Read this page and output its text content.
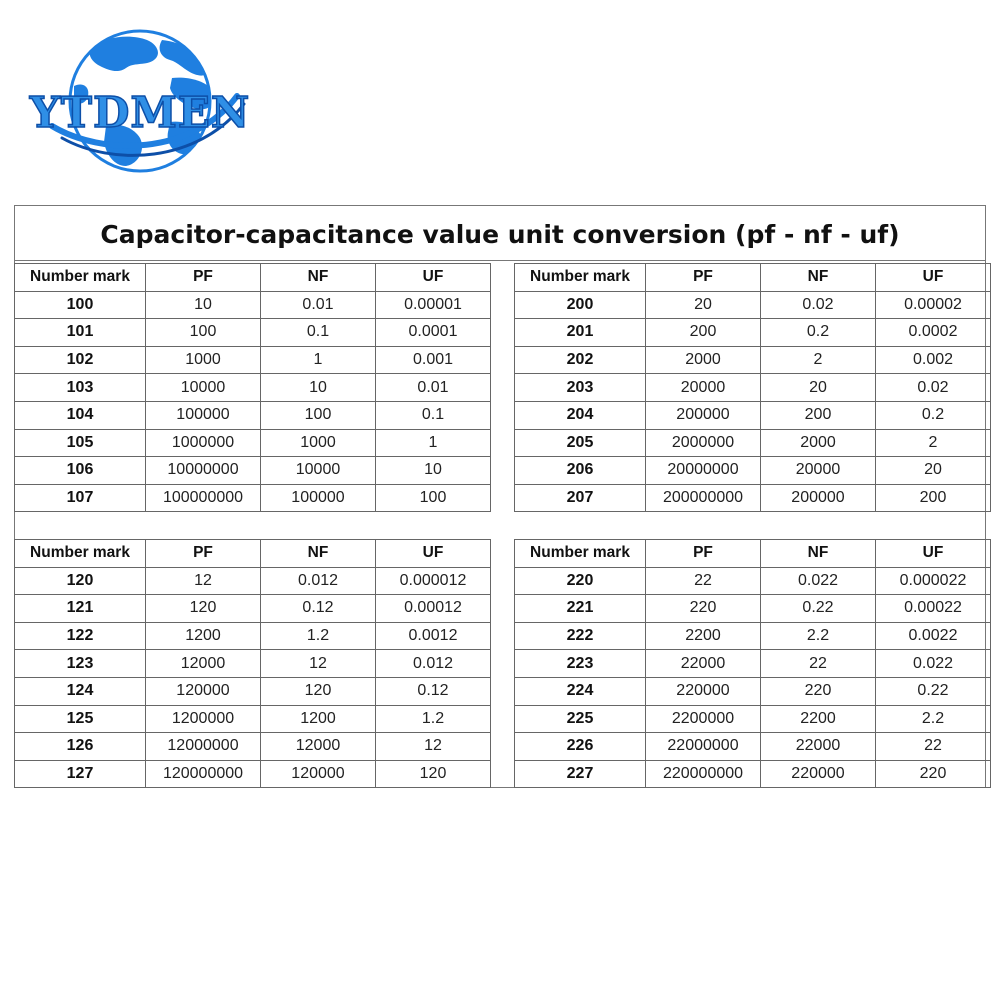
YTDMEN
Capacitor-capacitance value unit conversion (pf - nf - uf)
Number mark	PF	NF	UF
100	10	0.01	0.00001
101	100	0.1	0.0001
102	1000	1	0.001
103	10000	10	0.01
104	100000	100	0.1
105	1000000	1000	1
106	10000000	10000	10
107	100000000	100000	100
Number mark	PF	NF	UF
200	20	0.02	0.00002
201	200	0.2	0.0002
202	2000	2	0.002
203	20000	20	0.02
204	200000	200	0.2
205	2000000	2000	2
206	20000000	20000	20
207	200000000	200000	200
Number mark	PF	NF	UF
120	12	0.012	0.000012
121	120	0.12	0.00012
122	1200	1.2	0.0012
123	12000	12	0.012
124	120000	120	0.12
125	1200000	1200	1.2
126	12000000	12000	12
127	120000000	120000	120
Number mark	PF	NF	UF
220	22	0.022	0.000022
221	220	0.22	0.00022
222	2200	2.2	0.0022
223	22000	22	0.022
224	220000	220	0.22
225	2200000	2200	2.2
226	22000000	22000	22
227	220000000	220000	220
